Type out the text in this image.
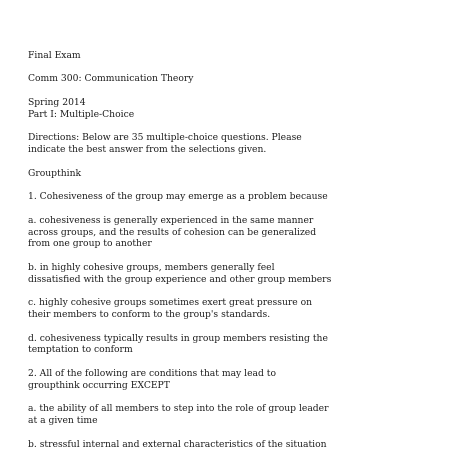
Final Exam

Comm 300: Communication Theory

Spring 2014

Part I: Multiple-Choice

Directions: Below are 35 multiple-choice questions. Please

indicate the best answer from the selections given.

Groupthink

1. Cohesiveness of the group may emerge as a problem because

a. cohesiveness is generally experienced in the same manner

across groups, and the results of cohesion can be generalized

from one group to another

b. in highly cohesive groups, members generally feel

dissatisfied with the group experience and other group members

c. highly cohesive groups sometimes exert great pressure on

their members to conform to the group's standards.

d. cohesiveness typically results in group members resisting the

temptation to conform

2. All of the following are conditions that may lead to

groupthink occurring EXCEPT

a. the ability of all members to step into the role of group leader

at a given time

b. stressful internal and external characteristics of the situation
